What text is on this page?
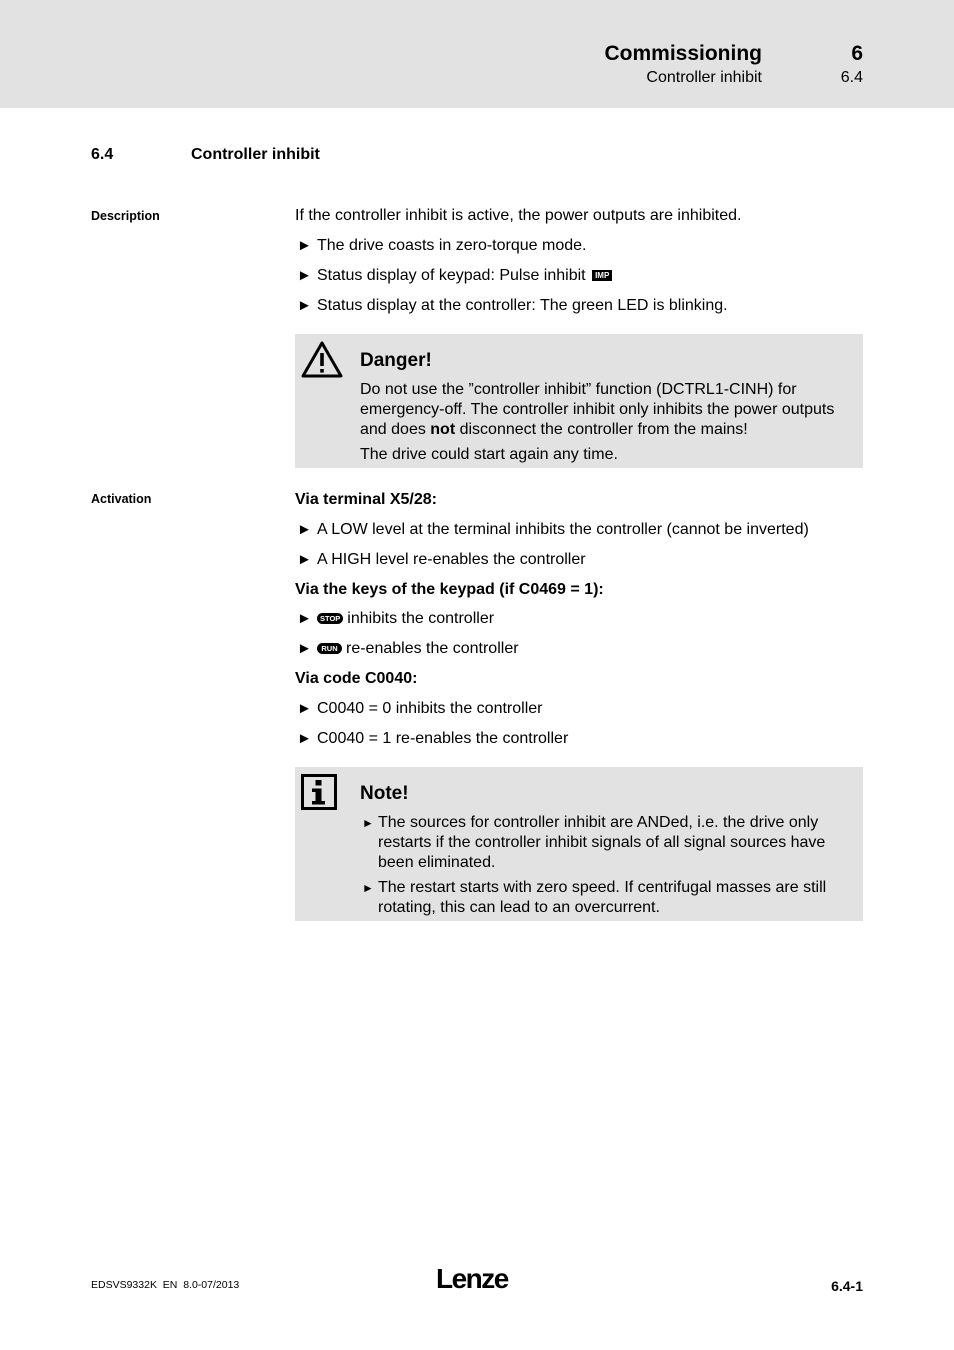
Commissioning	6
Controller inhibit	6.4
6.4	Controller inhibit
Description	If the controller inhibit is active, the power outputs are inhibited.
► The drive coasts in zero-torque mode.
► Status display of keypad: Pulse inhibit IMP
► Status display at the controller: The green LED is blinking.
Danger!
Do not use the ”controller inhibit” function (DCTRL1-CINH) for emergency-off. The controller inhibit only inhibits the power outputs and does not disconnect the controller from the mains!
The drive could start again any time.
Activation	Via terminal X5/28:
► A LOW level at the terminal inhibits the controller (cannot be inverted)
► A HIGH level re-enables the controller
Via the keys of the keypad (if C0469 = 1):
► STOP inhibits the controller
► RUN re-enables the controller
Via code C0040:
► C0040 = 0 inhibits the controller
► C0040 = 1 re-enables the controller
Note!
► The sources for controller inhibit are ANDed, i.e. the drive only restarts if the controller inhibit signals of all signal sources have been eliminated.
► The restart starts with zero speed. If centrifugal masses are still rotating, this can lead to an overcurrent.
EDSVS9332K  EN  8.0-07/2013	Lenze	6.4-1
